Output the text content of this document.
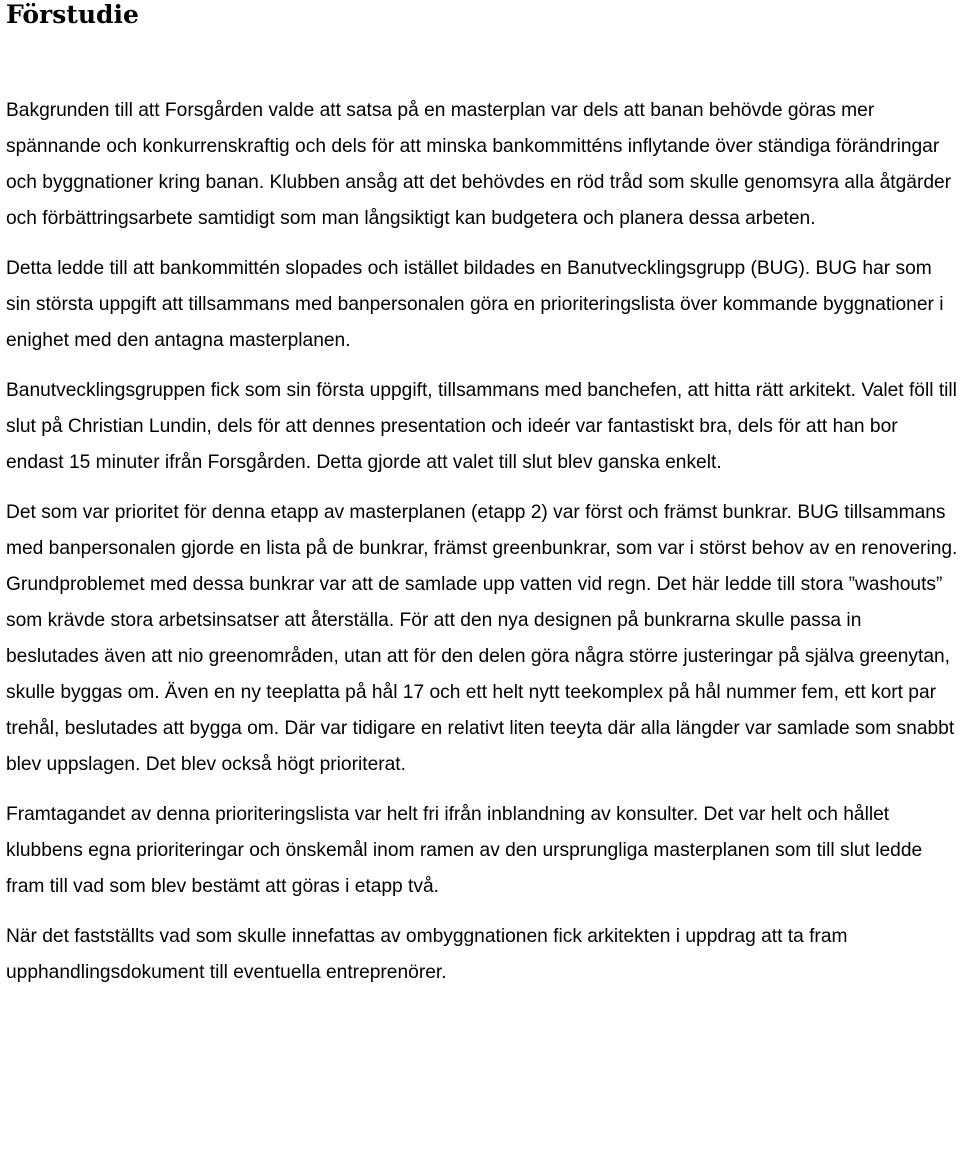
Förstudie

Bakgrunden till att Forsgården valde att satsa på en masterplan var dels att banan behövde göras mer spännande och konkurrenskraftig och dels för att minska bankommitténs inflytande över ständiga förändringar och byggnationer kring banan. Klubben ansåg att det behövdes en röd tråd som skulle genomsyra alla åtgärder och förbättringsarbete samtidigt som man långsiktigt kan budgetera och planera dessa arbeten.

Detta ledde till att bankommittén slopades och istället bildades en Banutvecklingsgrupp (BUG). BUG har som sin största uppgift att tillsammans med banpersonalen göra en prioriteringslista över kommande byggnationer i enighet med den antagna masterplanen.

Banutvecklingsgruppen fick som sin första uppgift, tillsammans med banchefen, att hitta rätt arkitekt. Valet föll till slut på Christian Lundin, dels för att dennes presentation och ideér var fantastiskt bra, dels för att han bor endast 15 minuter ifrån Forsgården. Detta gjorde att valet till slut blev ganska enkelt.

Det som var prioritet för denna etapp av masterplanen (etapp 2) var först och främst bunkrar. BUG tillsammans med banpersonalen gjorde en lista på de bunkrar, främst greenbunkrar, som var i störst behov av en renovering. Grundproblemet med dessa bunkrar var att de samlade upp vatten vid regn. Det här ledde till stora ”washouts” som krävde stora arbetsinsatser att återställa. För att den nya designen på bunkrarna skulle passa in beslutades även att nio greenområden, utan att för den delen göra några större justeringar på själva greenytan, skulle byggas om. Även en ny teeplatta på hål 17 och ett helt nytt teekomplex på hål nummer fem, ett kort par trehål, beslutades att bygga om. Där var tidigare en relativt liten teeyta där alla längder var samlade som snabbt blev uppslagen. Det blev också högt prioriterat.

Framtagandet av denna prioriteringslista var helt fri ifrån inblandning av konsulter. Det var helt och hållet klubbens egna prioriteringar och önskemål inom ramen av den ursprungliga masterplanen som till slut ledde fram till vad som blev bestämt att göras i etapp två.

När det fastställts vad som skulle innefattas av ombyggnationen fick arkitekten i uppdrag att ta fram upphandlingsdokument till eventuella entreprenörer.
